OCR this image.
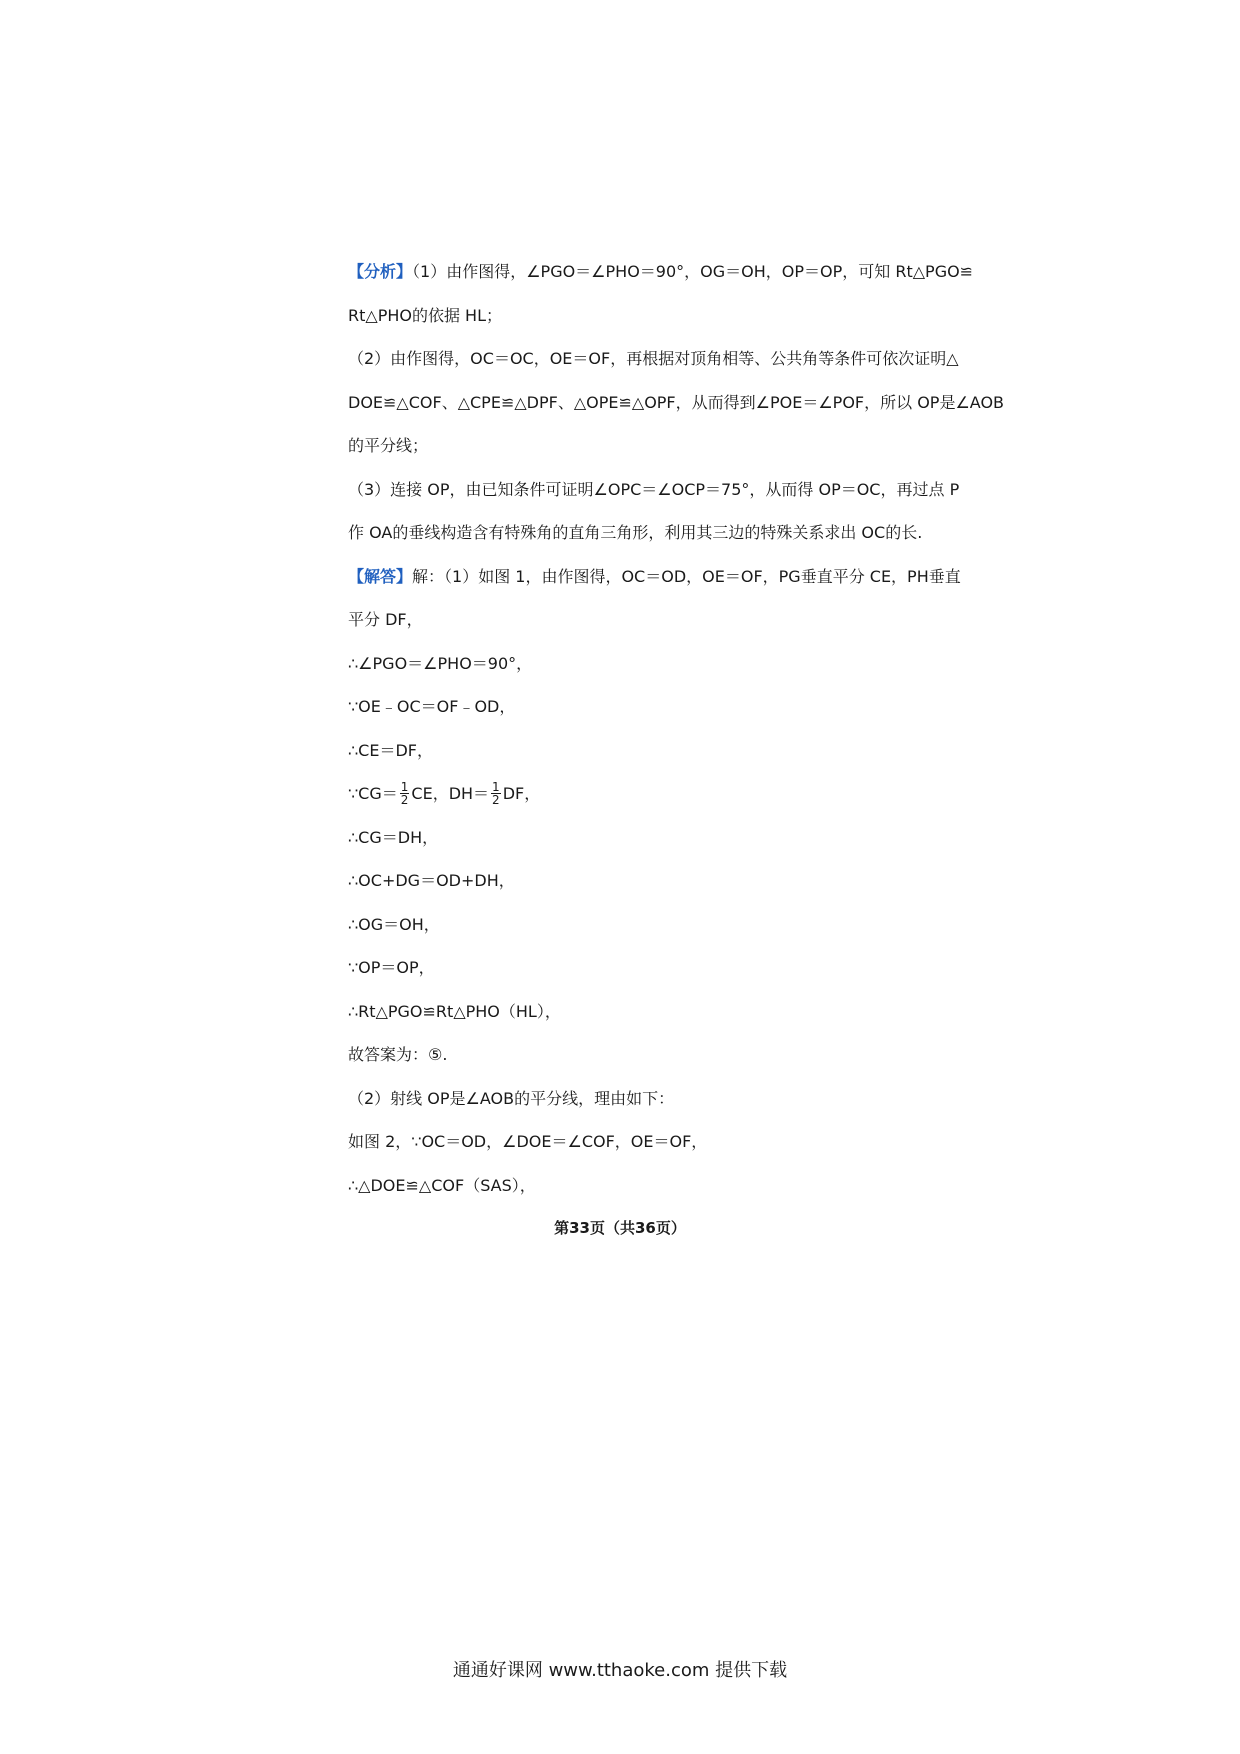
【分析】（1）由作图得，∠PGO＝∠PHO＝90°，OG＝OH，OP＝OP，可知 Rt△PGO≌
Rt△PHO的依据 HL；
（2）由作图得，OC＝OC，OE＝OF，再根据对顶角相等、公共角等条件可依次证明△
DOE≌△COF、△CPE≌△DPF、△OPE≌△OPF，从而得到∠POE＝∠POF，所以 OP是∠AOB
的平分线；
（3）连接 OP，由已知条件可证明∠OPC＝∠OCP＝75°，从而得 OP＝OC，再过点 P
作 OA的垂线构造含有特殊角的直角三角形，利用其三边的特殊关系求出 OC的长.
【解答】解：（1）如图 1，由作图得，OC＝OD，OE＝OF，PG垂直平分 CE，PH垂直
平分 DF，
∴∠PGO＝∠PHO＝90°，
∵OE﹣OC＝OF﹣OD，
∴CE＝DF，
∵CG＝ $\frac{1}{2}$ CE，$DH= \frac{1}{2}$ DF，
∴CG＝DH，
∴OC+DG＝OD+DH，
∴OG＝OH，
∵OP＝OP，
∴Rt△PGO≌Rt△PHO（HL），
故答案为：⑤.
（2）射线 OP是∠AOB的平分线，理由如下：
如图 2，∵OC＝OD，∠DOE＝∠COF，OE＝OF，
∴△DOE≌△COF（SAS），
第33页（共36页）
通通好课网 www.tthaoke.com 提供下载
